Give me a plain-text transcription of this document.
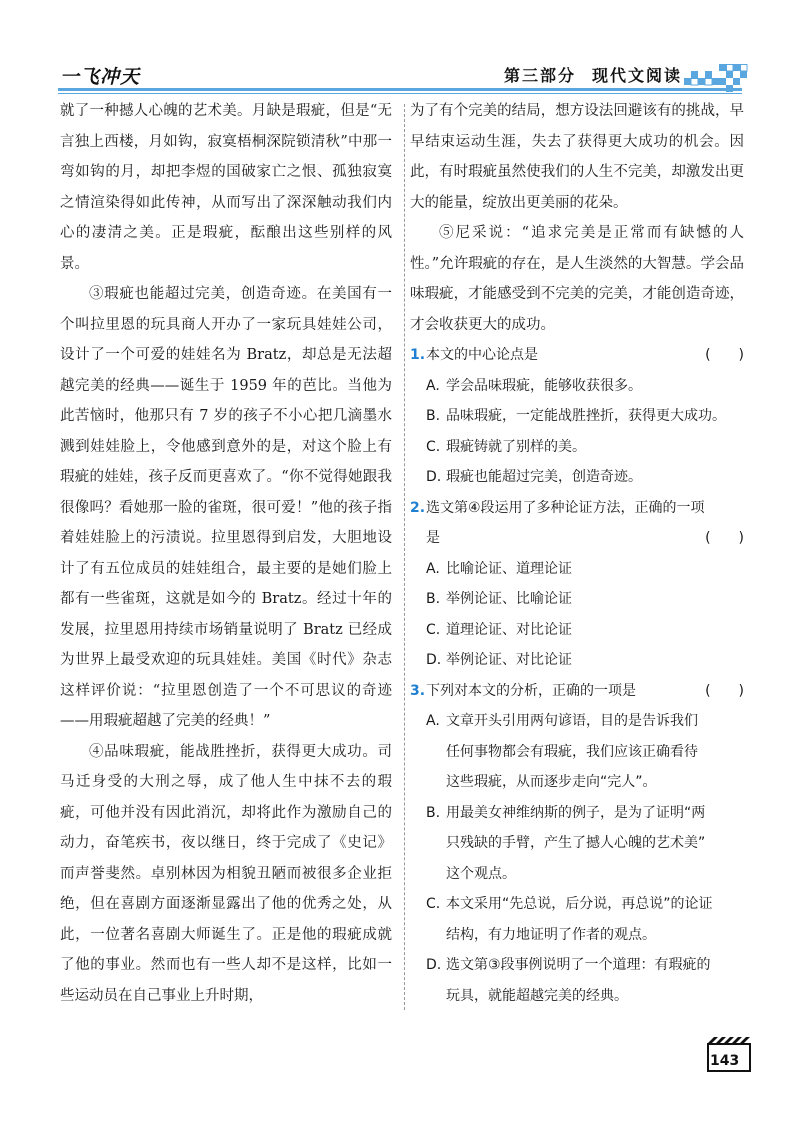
一飞冲天	第三部分 现代文阅读

就了一种撼人心魄的艺术美。月缺是瑕疵，但是“无言独上西楼，月如钩，寂寞梧桐深院锁清秋”中那一弯如钩的月，却把李煜的国破家亡之恨、孤独寂寞之情渲染得如此传神，从而写出了深深触动我们内心的凄清之美。正是瑕疵，酝酿出这些别样的风景。

③瑕疵也能超过完美，创造奇迹。在美国有一个叫拉里恩的玩具商人开办了一家玩具娃娃公司，设计了一个可爱的娃娃名为 Bratz，却总是无法超越完美的经典——诞生于 1959 年的芭比。当他为此苦恼时，他那只有 7 岁的孩子不小心把几滴墨水溅到娃娃脸上，令他感到意外的是，对这个脸上有瑕疵的娃娃，孩子反而更喜欢了。“你不觉得她跟我很像吗？看她那一脸的雀斑，很可爱！”他的孩子指着娃娃脸上的污渍说。拉里恩得到启发，大胆地设计了有五位成员的娃娃组合，最主要的是她们脸上都有一些雀斑，这就是如今的 Bratz。经过十年的发展，拉里恩用持续市场销量说明了 Bratz 已经成为世界上最受欢迎的玩具娃娃。美国《时代》杂志这样评价说：“拉里恩创造了一个不可思议的奇迹——用瑕疵超越了完美的经典！”

④品味瑕疵，能战胜挫折，获得更大成功。司马迁身受的大刑之辱，成了他人生中抹不去的瑕疵，可他并没有因此消沉，却将此作为激励自己的动力，奋笔疾书，夜以继日，终于完成了《史记》而声誉斐然。卓别林因为相貌丑陋而被很多企业拒绝，但在喜剧方面逐渐显露出了他的优秀之处，从此，一位著名喜剧大师诞生了。正是他的瑕疵成就了他的事业。然而也有一些人却不是这样，比如一些运动员在自己事业上升时期，

为了有个完美的结局，想方设法回避该有的挑战，早早结束运动生涯，失去了获得更大成功的机会。因此，有时瑕疵虽然使我们的人生不完美，却激发出更大的能量，绽放出更美丽的花朵。

⑤尼采说：“追求完美是正常而有缺憾的人性。”允许瑕疵的存在，是人生淡然的大智慧。学会品味瑕疵，才能感受到不完美的完美，才能创造奇迹，才会收获更大的成功。

1.	(　　)
本文的中心论点是
A. 学会品味瑕疵，能够收获很多。
B. 品味瑕疵，一定能战胜挫折，获得更大成功。
C. 瑕疵铸就了别样的美。
D. 瑕疵也能超过完美，创造奇迹。
2. 选文第④段运用了多种论证方法，正确的一项
(　　)
是
A. 比喻论证、道理论证
B. 举例论证、比喻论证
C. 道理论证、对比论证
D. 举例论证、对比论证
3.	(　　)
下列对本文的分析，正确的一项是
A. 文章开头引用两句谚语，目的是告诉我们
任何事物都会有瑕疵，我们应该正确看待
这些瑕疵，从而逐步走向“完人”。
B. 用最美女神维纳斯的例子，是为了证明“两
只残缺的手臂，产生了撼人心魄的艺术美”
这个观点。
C. 本文采用“先总说，后分说，再总说”的论证
结构，有力地证明了作者的观点。
D. 选文第③段事例说明了一个道理：有瑕疵的
玩具，就能超越完美的经典。
143
